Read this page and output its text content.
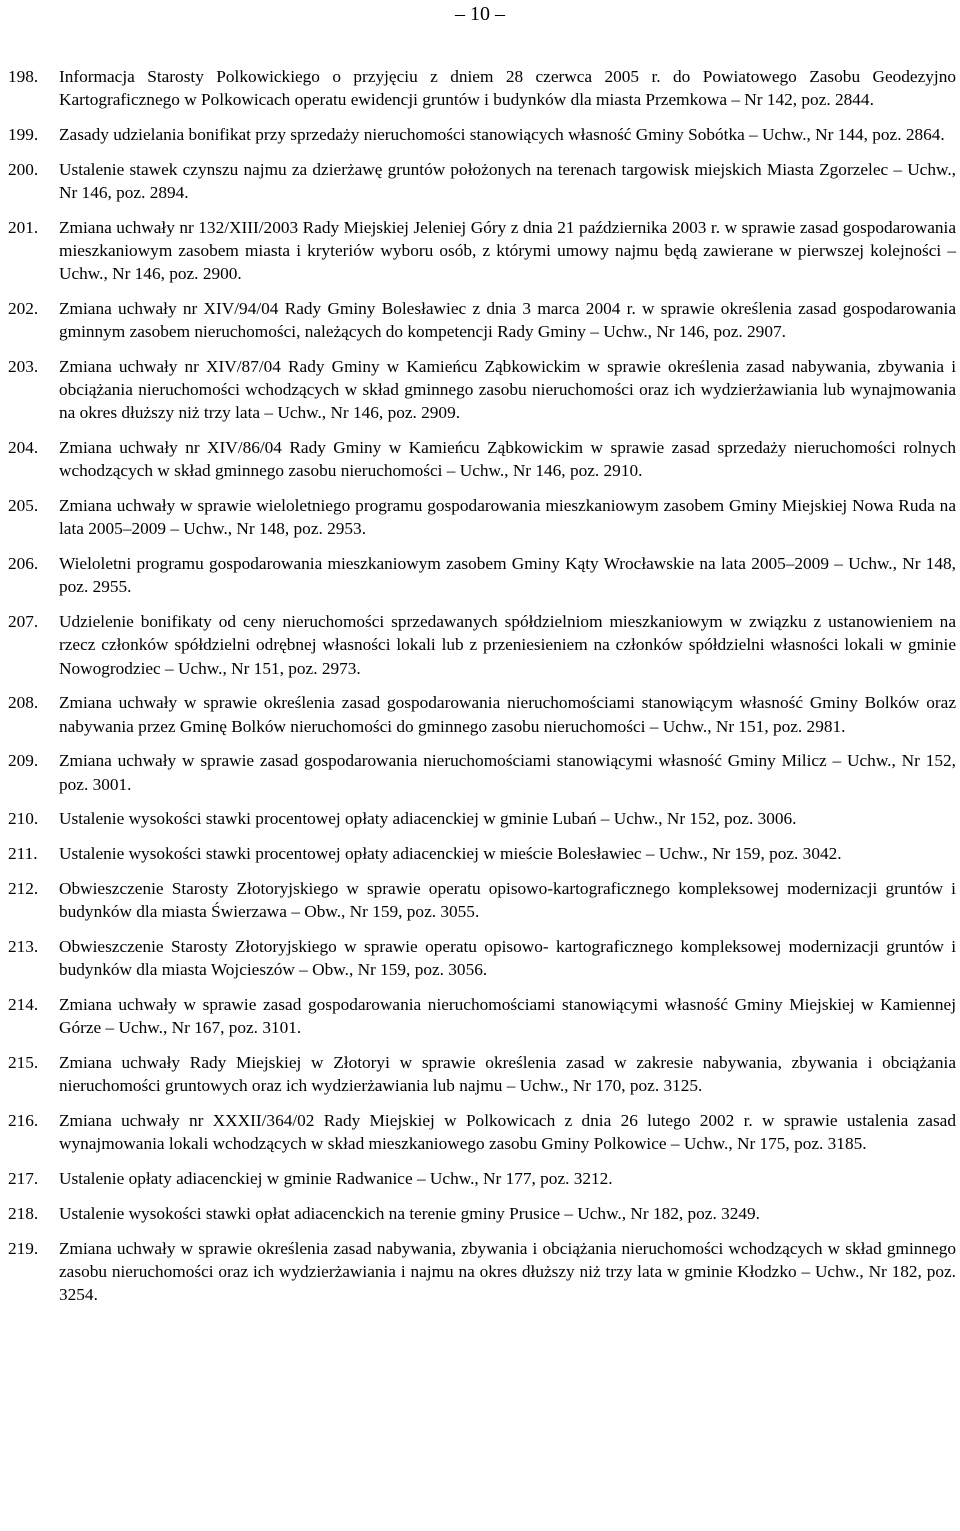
– 10 –
198.	Informacja Starosty Polkowickiego o przyjęciu z dniem 28 czerwca 2005 r. do Powiatowego Zasobu Geodezyjno Kartograficznego w Polkowicach operatu ewidencji gruntów i budynków dla miasta Przemkowa – Nr 142, poz. 2844.
199.	Zasady udzielania bonifikat przy sprzedaży nieruchomości stanowiących własność Gminy Sobótka – Uchw., Nr 144, poz. 2864.
200.	Ustalenie stawek czynszu najmu za dzierżawę gruntów położonych na terenach targowisk miejskich Miasta Zgorzelec – Uchw., Nr 146, poz. 2894.
201.	Zmiana uchwały nr 132/XIII/2003 Rady Miejskiej Jeleniej Góry z dnia 21 października 2003 r. w sprawie zasad gospodarowania mieszkaniowym zasobem miasta i kryteriów wyboru osób, z którymi umowy najmu będą zawierane w pierwszej kolejności – Uchw., Nr 146, poz. 2900.
202.	Zmiana uchwały nr XIV/94/04 Rady Gminy Bolesławiec z dnia 3 marca 2004 r. w sprawie określenia zasad gospodarowania gminnym zasobem nieruchomości, należących do kompetencji Rady Gminy – Uchw., Nr 146, poz. 2907.
203.	Zmiana uchwały nr XIV/87/04 Rady Gminy w Kamieńcu Ząbkowickim w sprawie określenia zasad nabywania, zbywania i obciążania nieruchomości wchodzących w skład gminnego zasobu nieruchomości oraz ich wydzierżawiania lub wynajmowania na okres dłuższy niż trzy lata – Uchw., Nr 146, poz. 2909.
204.	Zmiana uchwały nr XIV/86/04 Rady Gminy w Kamieńcu Ząbkowickim w sprawie zasad sprzedaży nieruchomości rolnych wchodzących w skład gminnego zasobu nieruchomości – Uchw., Nr 146, poz. 2910.
205.	Zmiana uchwały w sprawie wieloletniego programu gospodarowania mieszkaniowym zasobem Gminy Miejskiej Nowa Ruda na lata 2005–2009 – Uchw., Nr 148, poz. 2953.
206.	Wieloletni programu gospodarowania mieszkaniowym zasobem Gminy Kąty Wrocławskie na lata 2005–2009 – Uchw., Nr 148, poz. 2955.
207.	Udzielenie bonifikaty od ceny nieruchomości sprzedawanych spółdzielniom mieszkaniowym w związku z ustanowieniem na rzecz członków spółdzielni odrębnej własności lokali lub z przeniesieniem na członków spółdzielni własności lokali w gminie Nowogrodziec – Uchw., Nr 151, poz. 2973.
208.	Zmiana uchwały w sprawie określenia zasad gospodarowania nieruchomościami stanowiącym własność Gminy Bolków oraz nabywania przez Gminę Bolków nieruchomości do gminnego zasobu nieruchomości – Uchw., Nr 151, poz. 2981.
209.	Zmiana uchwały w sprawie zasad gospodarowania nieruchomościami stanowiącymi własność Gminy Milicz – Uchw., Nr 152, poz. 3001.
210.	Ustalenie wysokości stawki procentowej opłaty adiacenckiej w gminie Lubań – Uchw., Nr 152, poz. 3006.
211.	Ustalenie wysokości stawki procentowej opłaty adiacenckiej w mieście Bolesławiec – Uchw., Nr 159, poz. 3042.
212.	Obwieszczenie Starosty Złotoryjskiego w sprawie operatu opisowo-kartograficznego kompleksowej modernizacji gruntów i budynków dla miasta Świerzawa – Obw., Nr 159, poz. 3055.
213.	Obwieszczenie Starosty Złotoryjskiego w sprawie operatu opisowo- kartograficznego kompleksowej modernizacji gruntów i budynków dla miasta Wojcieszów – Obw., Nr 159, poz. 3056.
214.	Zmiana uchwały w sprawie zasad gospodarowania nieruchomościami stanowiącymi własność Gminy Miejskiej w Kamiennej Górze – Uchw., Nr 167, poz. 3101.
215.	Zmiana uchwały Rady Miejskiej w Złotoryi w sprawie określenia zasad w zakresie nabywania, zbywania i obciążania nieruchomości gruntowych oraz ich wydzierżawiania lub najmu – Uchw., Nr 170, poz. 3125.
216.	Zmiana uchwały nr XXXII/364/02 Rady Miejskiej w Polkowicach z dnia 26 lutego 2002 r. w sprawie ustalenia zasad wynajmowania lokali wchodzących w skład mieszkaniowego zasobu Gminy Polkowice – Uchw., Nr 175, poz. 3185.
217.	Ustalenie opłaty adiacenckiej w gminie Radwanice – Uchw., Nr 177, poz. 3212.
218.	Ustalenie wysokości stawki opłat adiacenckich na terenie gminy Prusice – Uchw., Nr 182, poz. 3249.
219.	Zmiana uchwały w sprawie określenia zasad nabywania, zbywania i obciążania nieruchomości wchodzących w skład gminnego zasobu nieruchomości oraz ich wydzierżawiania i najmu na okres dłuższy niż trzy lata w gminie Kłodzko – Uchw., Nr 182, poz. 3254.
